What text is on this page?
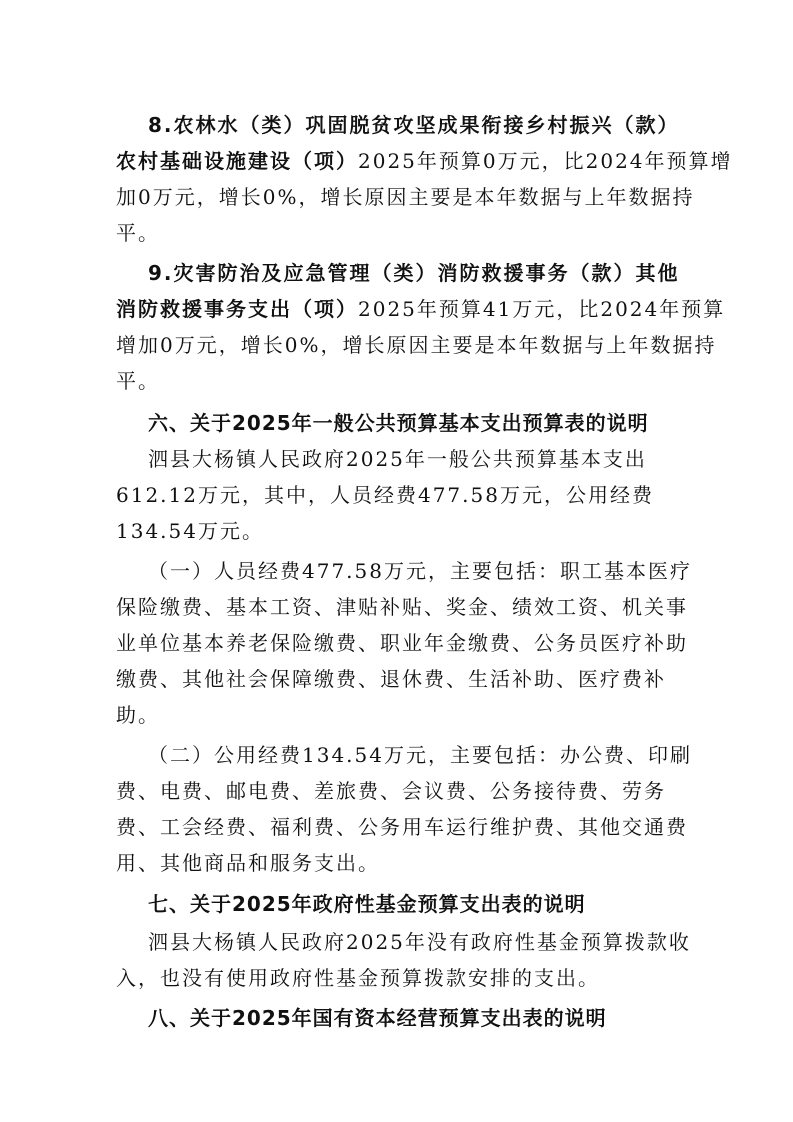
8.农林水（类）巩固脱贫攻坚成果衔接乡村振兴（款）
农村基础设施建设（项）2025年预算0万元，比2024年预算增
加0万元，增长0%，增长原因主要是本年数据与上年数据持
平。
9.灾害防治及应急管理（类）消防救援事务（款）其他
消防救援事务支出（项）2025年预算41万元，比2024年预算
增加0万元，增长0%，增长原因主要是本年数据与上年数据持
平。
六、关于2025年一般公共预算基本支出预算表的说明
泗县大杨镇人民政府2025年一般公共预算基本支出
612.12万元，其中，人员经费477.58万元，公用经费
134.54万元。
（一）人员经费477.58万元，主要包括：职工基本医疗
保险缴费、基本工资、津贴补贴、奖金、绩效工资、机关事
业单位基本养老保险缴费、职业年金缴费、公务员医疗补助
缴费、其他社会保障缴费、退休费、生活补助、医疗费补
助。
（二）公用经费134.54万元，主要包括：办公费、印刷
费、电费、邮电费、差旅费、会议费、公务接待费、劳务
费、工会经费、福利费、公务用车运行维护费、其他交通费
用、其他商品和服务支出。
七、关于2025年政府性基金预算支出表的说明
泗县大杨镇人民政府2025年没有政府性基金预算拨款收
入，也没有使用政府性基金预算拨款安排的支出。
八、关于2025年国有资本经营预算支出表的说明
